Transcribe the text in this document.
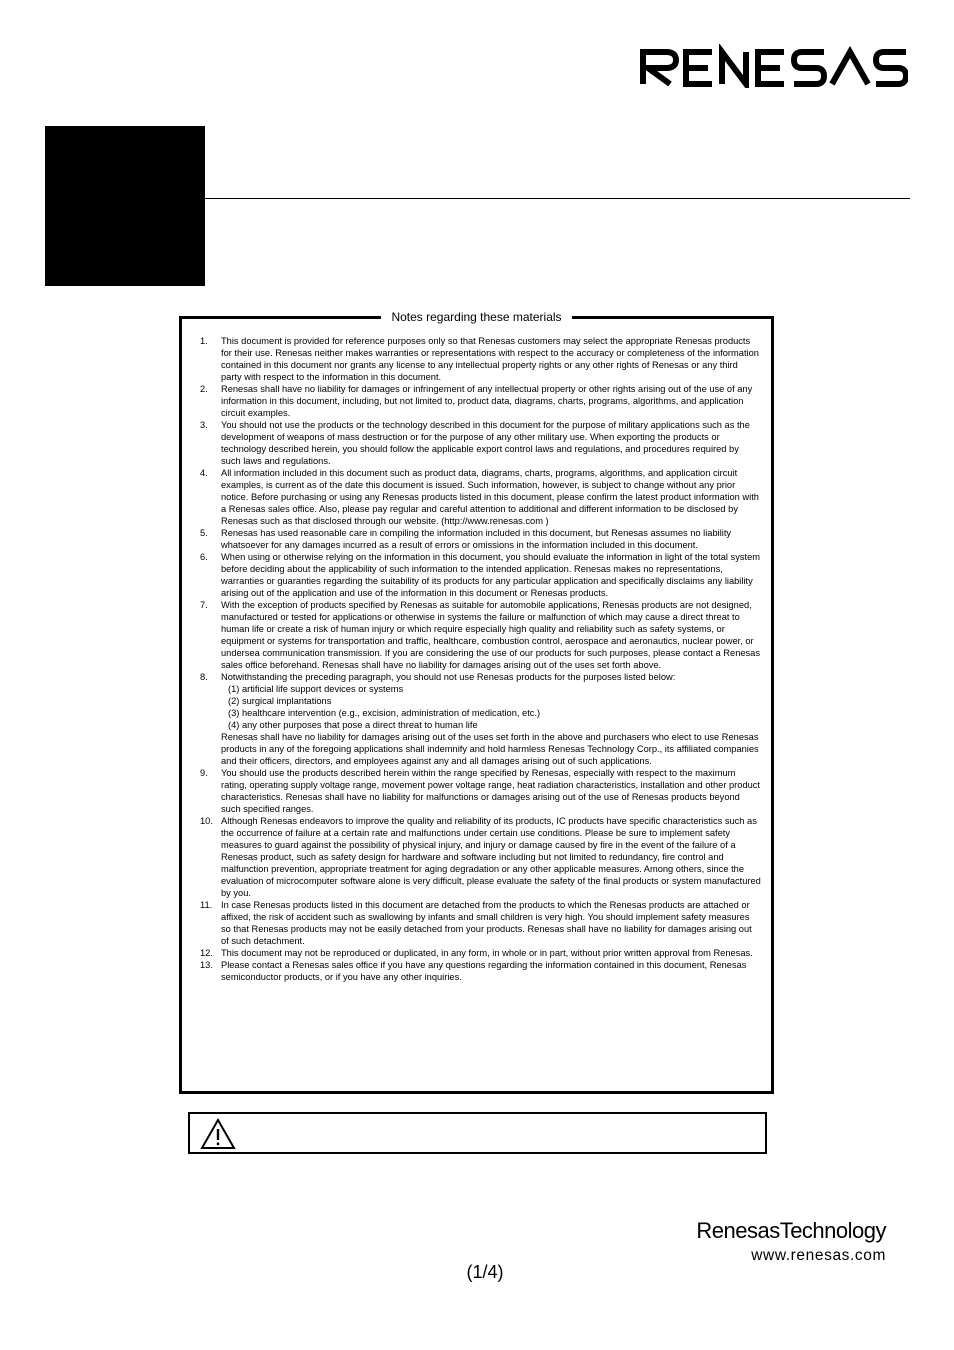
Notes regarding these materials
1.	This document is provided for reference purposes only so that Renesas customers may select the appropriate Renesas products for their use. Renesas neither makes warranties or representations with respect to the accuracy or completeness of the information contained in this document nor grants any license to any intellectual property rights or any other rights of Renesas or any third party with respect to the information in this document.
2.	Renesas shall have no liability for damages or infringement of any intellectual property or other rights arising out of the use of any information in this document, including, but not limited to, product data, diagrams, charts, programs, algorithms, and application circuit examples.
3.	You should not use the products or the technology described in this document for the purpose of military applications such as the development of weapons of mass destruction or for the purpose of any other military use. When exporting the products or technology described herein, you should follow the applicable export control laws and regulations, and procedures required by such laws and regulations.
4.	All information included in this document such as product data, diagrams, charts, programs, algorithms, and application circuit examples, is current as of the date this document is issued. Such information, however, is subject to change without any prior notice. Before purchasing or using any Renesas products listed in this document, please confirm the latest product information with a Renesas sales office. Also, please pay regular and careful attention to additional and different information to be disclosed by Renesas such as that disclosed through our website. (http://www.renesas.com )
5.	Renesas has used reasonable care in compiling the information included in this document, but Renesas assumes no liability whatsoever for any damages incurred as a result of errors or omissions in the information included in this document.
6.	When using or otherwise relying on the information in this document, you should evaluate the information in light of the total system before deciding about the applicability of such information to the intended application. Renesas makes no representations, warranties or guaranties regarding the suitability of its products for any particular application and specifically disclaims any liability arising out of the application and use of the information in this document or Renesas products.
7.	With the exception of products specified by Renesas as suitable for automobile applications, Renesas products are not designed, manufactured or tested for applications or otherwise in systems the failure or malfunction of which may cause a direct threat to human life or create a risk of human injury or which require especially high quality and reliability such as safety systems, or equipment or systems for transportation and traffic, healthcare, combustion control, aerospace and aeronautics, nuclear power, or undersea communication transmission. If you are considering the use of our products for such purposes, please contact a Renesas sales office beforehand. Renesas shall have no liability for damages arising out of the uses set forth above.
8.	Notwithstanding the preceding paragraph, you should not use Renesas products for the purposes listed below:
(1) artificial life support devices or systems
(2) surgical implantations
(3) healthcare intervention (e.g., excision, administration of medication, etc.)
(4) any other purposes that pose a direct threat to human life
Renesas shall have no liability for damages arising out of the uses set forth in the above and purchasers who elect to use Renesas products in any of the foregoing applications shall indemnify and hold harmless Renesas Technology Corp., its affiliated companies and their officers, directors, and employees against any and all damages arising out of such applications.
9.	You should use the products described herein within the range specified by Renesas, especially with respect to the maximum rating, operating supply voltage range, movement power voltage range, heat radiation characteristics, installation and other product characteristics. Renesas shall have no liability for malfunctions or damages arising out of the use of Renesas products beyond such specified ranges.
10. Although Renesas endeavors to improve the quality and reliability of its products, IC products have specific characteristics such as the occurrence of failure at a certain rate and malfunctions under certain use conditions. Please be sure to implement safety measures to guard against the possibility of physical injury, and injury or damage caused by fire in the event of the failure of a Renesas product, such as safety design for hardware and software including but not limited to redundancy, fire control and malfunction prevention, appropriate treatment for aging degradation or any other applicable measures. Among others, since the evaluation of microcomputer software alone is very difficult, please evaluate the safety of the final products or system manufactured by you.
11. In case Renesas products listed in this document are detached from the products to which the Renesas products are attached or affixed, the risk of accident such as swallowing by infants and small children is very high. You should implement safety measures so that Renesas products may not be easily detached from your products. Renesas shall have no liability for damages arising out of such detachment.
12. This document may not be reproduced or duplicated, in any form, in whole or in part, without prior written approval from Renesas.
13. Please contact a Renesas sales office if you have any questions regarding the information contained in this document, Renesas semiconductor products, or if you have any other inquiries.
RenesasTechnology
www.renesas.com
(1/4)
